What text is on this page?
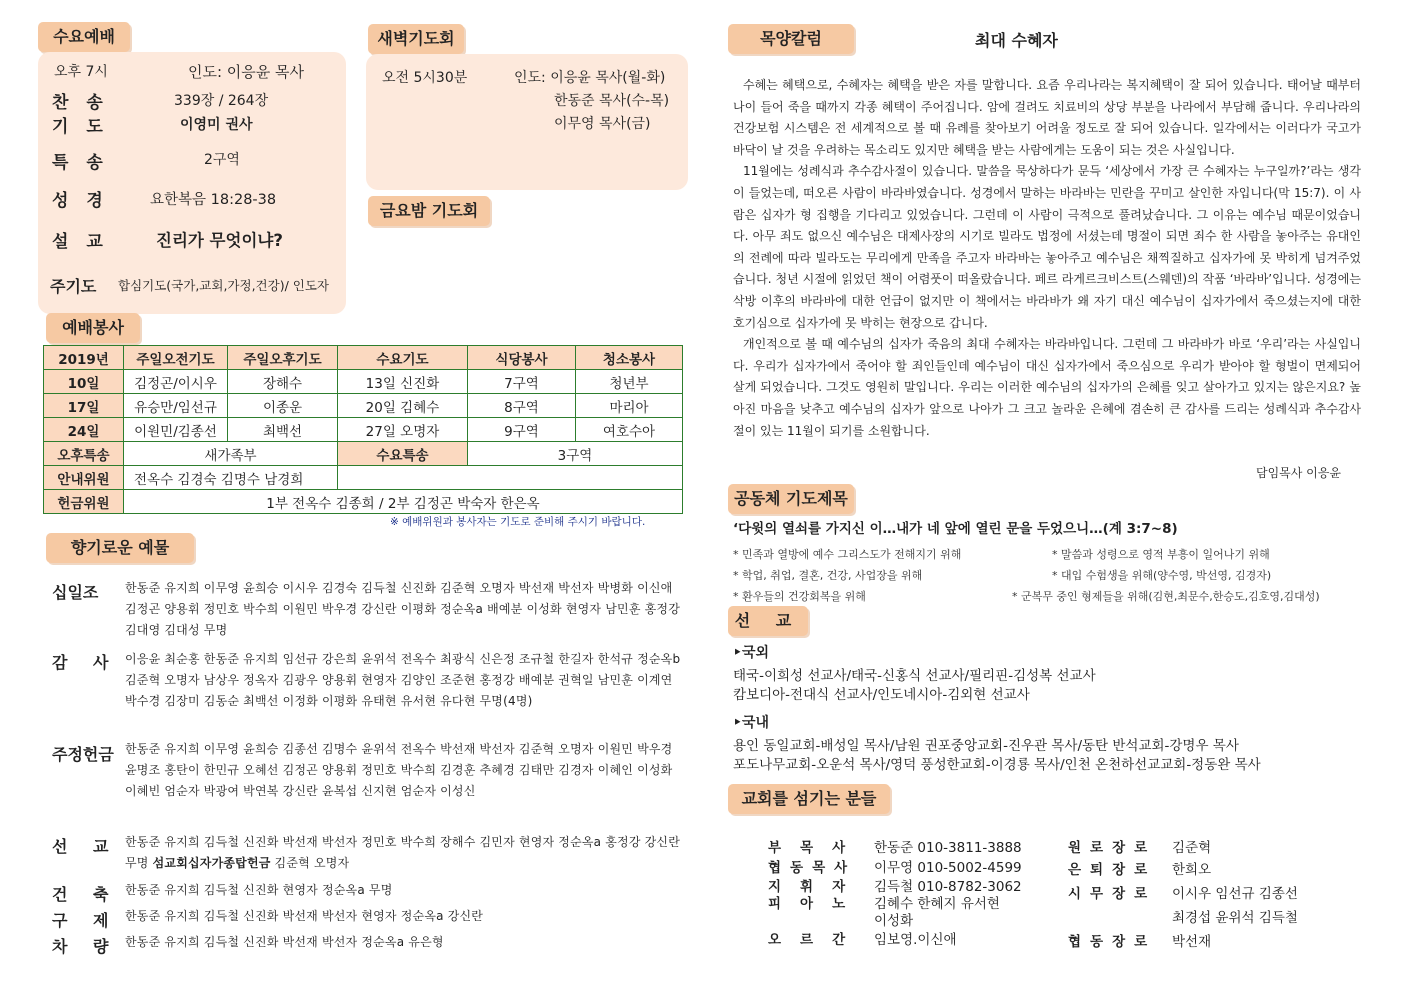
수요예배
오후 7시	인도: 이응윤 목사
찬 송	339장 / 264장
기 도	이영미 권사
특 송	2구역
성 경	요한복음 18:28-38
설 교	진리가 무엇이냐?
주기도 합심기도(국가,교회,가정,건강)/ 인도자
새벽기도회
오전 5시30분	인도: 이응윤 목사(월-화)
한동준 목사(수-목)
이무영 목사(금)
금요밤 기도회
밤 9시	인도: 한동준 목사
예배봉사
2019년	주일오전기도	주일오후기도	수요기도	식당봉사	청소봉사
10일	김정곤/이시우	장해수	13일 신진화	7구역	청년부
17일	유승만/임선규	이종운	20일 김혜수	8구역	마리아
24일	이원민/김종선	최백선	27일 오명자	9구역	여호수아
오후특송	새가족부		수요특송	3구역	
안내위원	전옥수 김경숙 김명수 남경희				
헌금위원	1부 전옥수 김종희 / 2부 김정곤 박숙자 한은옥				
※ 예배위원과 봉사자는 기도로 준비해 주시기 바랍니다.
향기로운 예물
십일조 한동준 유지희 이무영 윤희승 이시우 김경숙 김득철 신진화 김준혁 오명자 박선재 박선자 박병화 이신애 김정곤 양용휘 정민호 박수희 이원민 박우경 강신란 이평화 정순옥a 배예분 이성화 현영자 남민훈 홍정강 김대영 김대성 무명
감 사 이응윤 최순홍 한동준 유지희 임선규 강은희 윤위석 전옥수 최광식 신은정 조규철 한길자 한석규 정순옥b 김준혁 오명자 남상우 정옥자 김광우 양용휘 현영자 김양인 조준현 홍정강 배예분 권혁일 남민훈 이계연 박수경 김장미 김동순 최백선 이정화 이평화 유태현 유서현 유다현 무명(4명)
주정헌금 한동준 유지희 이무영 윤희승 김종선 김명수 윤위석 전옥수 박선재 박선자 김준혁 오명자 이원민 박우경 윤명조 홍탄이 한민규 오혜선 김정곤 양용휘 정민호 박수희 김경훈 추혜경 김태만 김경자 이혜인 이성화 이혜빈 엄순자 박광여 박연복 강신란 윤복섭 신지현 엄순자 이성신
선 교 한동준 유지희 김득철 신진화 박선재 박선자 정민호 박수희 장해수 김민자 현영자 정순옥a 홍정강 강신란 무명 섬교회십자가종탑헌금 김준혁 오명자
건 축 한동준 유지희 김득철 신진화 현영자 정순옥a 무명
구 제 한동준 유지희 김득철 신진화 박선재 박선자 현영자 정순옥a 강신란
차 량 한동준 유지희 김득철 신진화 박선재 박선자 정순옥a 유은형
목양칼럼	최대 수혜자

수혜는 혜택으로, 수혜자는 혜택을 받은 자를 말합니다. 요즘 우리나라는 복지혜택이 잘 되어 있습니다. 태어날 때부터 나이 들어 죽을 때까지 각종 혜택이 주어집니다. 암에 걸려도 치료비의 상당 부분을 나라에서 부담해 줍니다. 우리나라의 건강보험 시스템은 전 세계적으로 볼 때 유례를 찾아보기 어려울 정도로 잘 되어 있습니다. 일각에서는 이러다가 국고가 바닥이 날 것을 우려하는 목소리도 있지만 혜택을 받는 사람에게는 도움이 되는 것은 사실입니다.

11월에는 성례식과 추수감사절이 있습니다. 말씀을 묵상하다가 문득 ‘세상에서 가장 큰 수혜자는 누구일까?’라는 생각이 들었는데, 떠오른 사람이 바라바였습니다. 성경에서 말하는 바라바는 민란을 꾸미고 살인한 자입니다(막 15:7). 이 사람은 십자가 형 집행을 기다리고 있었습니다. 그런데 이 사람이 극적으로 풀려났습니다. 그 이유는 예수님 때문이었습니다. 아무 죄도 없으신 예수님은 대제사장의 시기로 빌라도 법정에 서셨는데 명절이 되면 죄수 한 사람을 놓아주는 유대인의 전례에 따라 빌라도는 무리에게 만족을 주고자 바라바는 놓아주고 예수님은 채찍질하고 십자가에 못 박히게 넘겨주었습니다. 청년 시절에 읽었던 책이 어렴풋이 떠올랐습니다. 페르 라게르크비스트(스웨덴)의 작품 ‘바라바’입니다. 성경에는 삭방 이후의 바라바에 대한 언급이 없지만 이 책에서는 바라바가 왜 자기 대신 예수님이 십자가에서 죽으셨는지에 대한 호기심으로 십자가에 못 박히는 현장으로 갑니다.

개인적으로 볼 때 예수님의 십자가 죽음의 최대 수혜자는 바라바입니다. 그런데 그 바라바가 바로 ‘우리’라는 사실입니다. 우리가 십자가에서 죽어야 할 죄인들인데 예수님이 대신 십자가에서 죽으심으로 우리가 받아야 할 형벌이 면제되어 살게 되었습니다. 그것도 영원히 말입니다. 우리는 이러한 예수님의 십자가의 은혜를 잊고 살아가고 있지는 않은지요? 높아진 마음을 낮추고 예수님의 십자가 앞으로 나아가 그 크고 놀라운 은혜에 겸손히 큰 감사를 드리는 성례식과 추수감사절이 있는 11월이 되기를 소원합니다.

담임목사 이응윤
공동체 기도제목
‘다윗의 열쇠를 가지신 이…내가 네 앞에 열린 문을 두었으니…(계 3:7~8)
* 민족과 열방에 예수 그리스도가 전해지기 위해	* 말씀과 성령으로 영적 부흥이 일어나기 위해
* 학업, 취업, 결혼, 건강, 사업장을 위해	* 대입 수험생을 위해(양수영, 박선영, 김경자)
* 환우들의 건강회복을 위해	* 군복무 중인 형제들을 위해(김현,최문수,한승도,김호영,김대성)
선 교
‣국외
태국-이희성 선교사/태국-신홍식 선교사/필리핀-김성복 선교사
캄보디아-전대식 선교사/인도네시아-김외현 선교사
‣국내
용인 동일교회-배성일 목사/남원 권포중앙교회-진우관 목사/동탄 반석교회-강명우 목사
포도나무교회-오운석 목사/영덕 풍성한교회-이경룡 목사/인천 온천하선교교회-정동완 목사
교회를 섬기는 분들
부목사 한동준 010-3811-3888
협동목사 이무영 010-5002-4599
지휘자 김득철 010-8782-3062
피아노 김혜수 한혜지 유서현
이성화
오르간 임보영.이신애
원로장로 김준혁
은퇴장로 한희오
시무장로 이시우 임선규 김종선
최경섭 윤위석 김득철
협동장로 박선재
